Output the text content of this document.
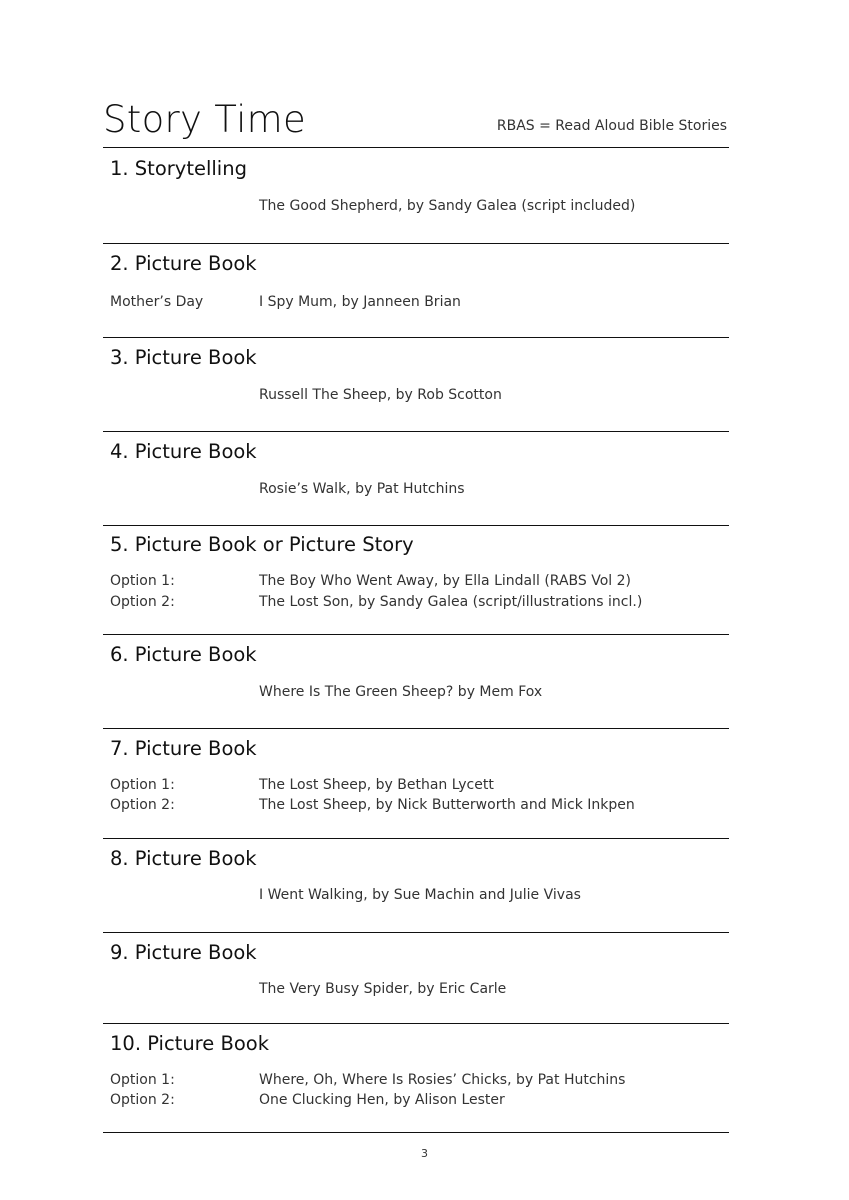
Story Time	RBAS = Read Aloud Bible Stories
1. Storytelling
The Good Shepherd, by Sandy Galea (script included)
2. Picture Book
Mother’s Day	I Spy Mum, by Janneen Brian
3. Picture Book
Russell The Sheep, by Rob Scotton
4. Picture Book
Rosie’s Walk, by Pat Hutchins
5. Picture Book or Picture Story
Option 1:	The Boy Who Went Away, by Ella Lindall (RABS Vol 2)
Option 2:	The Lost Son, by Sandy Galea (script/illustrations incl.)
6. Picture Book
Where Is The Green Sheep? by Mem Fox
7. Picture Book
Option 1:	The Lost Sheep, by Bethan Lycett
Option 2:	The Lost Sheep, by Nick Butterworth and Mick Inkpen
8. Picture Book
I Went Walking, by Sue Machin and Julie Vivas
9. Picture Book
The Very Busy Spider, by Eric Carle
10. Picture Book
Option 1:	Where, Oh, Where Is Rosies’ Chicks, by Pat Hutchins
Option 2:	One Clucking Hen, by Alison Lester
3
